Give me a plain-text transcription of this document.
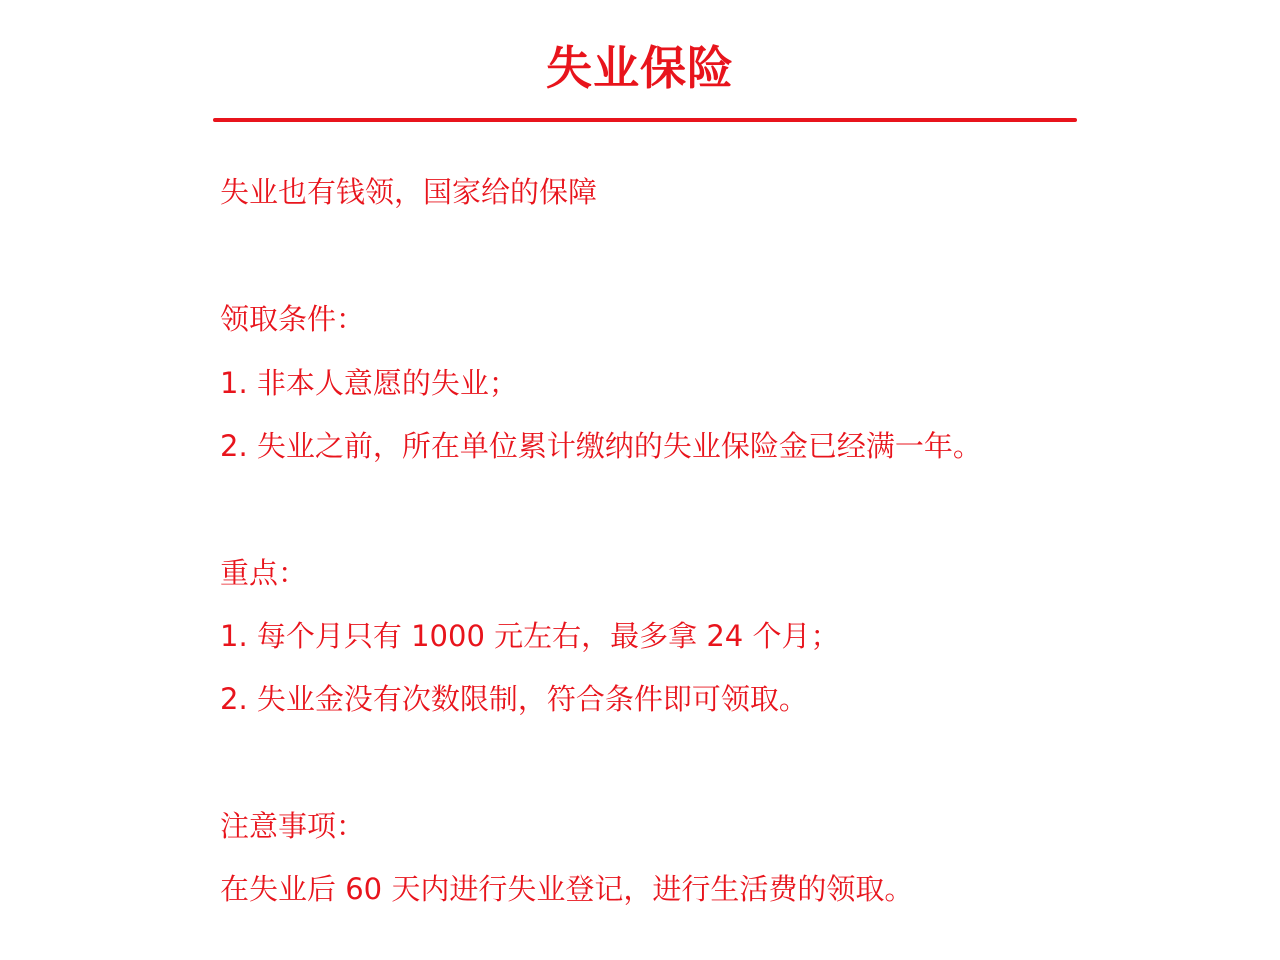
失业保险
失业也有钱领，国家给的保障
领取条件：
1. 非本人意愿的失业；
2. 失业之前，所在单位累计缴纳的失业保险金已经满一年。
重点：
1. 每个月只有 1000 元左右，最多拿 24 个月；
2. 失业金没有次数限制，符合条件即可领取。
注意事项：
在失业后 60 天内进行失业登记，进行生活费的领取。
